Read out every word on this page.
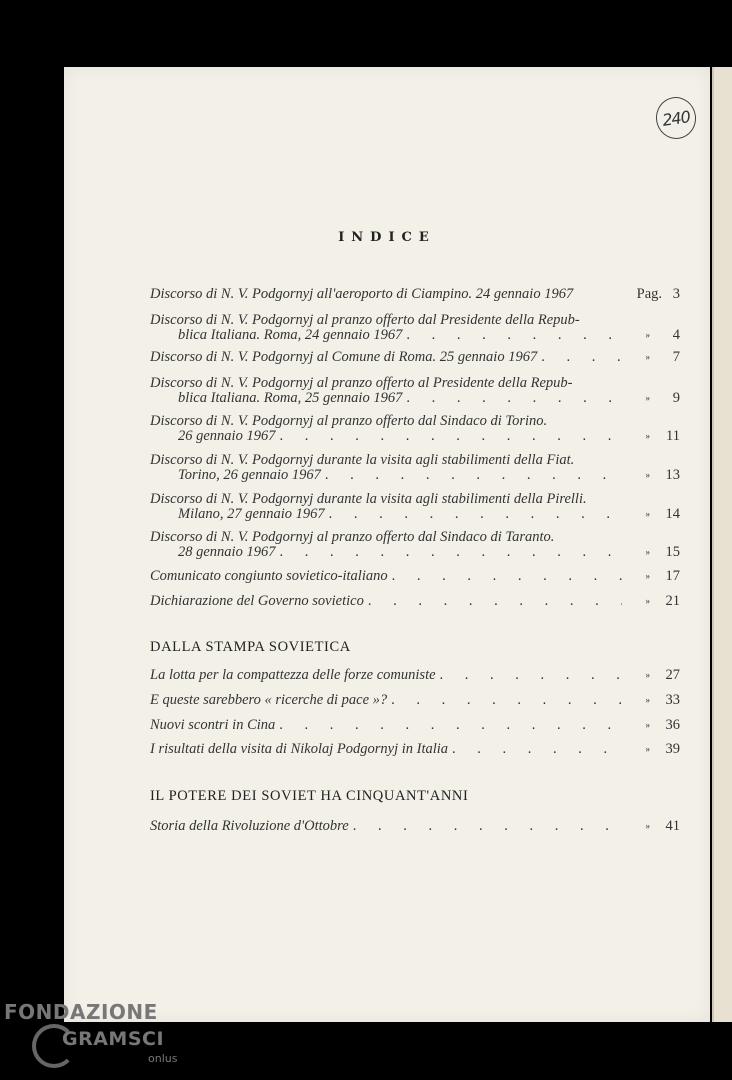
240
INDICE
Discorso di N. V. Podgornyj all'aeroporto di Ciampino. 24 gennaio 1967	Pag. 3
Discorso di N. V. Podgornyj al pranzo offerto dal Presidente della Repub-
blica Italiana. Roma, 24 gennaio 1967 . . .	»	4
Discorso di N. V. Podgornyj al Comune di Roma. 25 gennaio 1967 . . .	»	7
Discorso di N. V. Podgornyj al pranzo offerto al Presidente della Repub-
blica Italiana. Roma, 25 gennaio 1967 . . .	»	9
Discorso di N. V. Podgornyj al pranzo offerto dal Sindaco di Torino.
26 gennaio 1967 . . .	»	11
Discorso di N. V. Podgornyj durante la visita agli stabilimenti della Fiat.
Torino, 26 gennaio 1967 . . .	»	13
Discorso di N. V. Podgornyj durante la visita agli stabilimenti della Pirelli.
Milano, 27 gennaio 1967 . . .	»	14
Discorso di N. V. Podgornyj al pranzo offerto dal Sindaco di Taranto.
28 gennaio 1967 . . .	»	15
Comunicato congiunto sovietico-italiano . . .	»	17
Dichiarazione del Governo sovietico . . .	»	21
DALLA STAMPA SOVIETICA
La lotta per la compattezza delle forze comuniste . . .	»	27
E queste sarebbero « ricerche di pace »? . . .	»	33
Nuovi scontri in Cina . . .	»	36
I risultati della visita di Nikolaj Podgornyj in Italia . . .	»	39
IL POTERE DEI SOVIET HA CINQUANT'ANNI
Storia della Rivoluzione d'Ottobre . . .	»	41
FONDAZIONE
GRAMSCI
onlus
